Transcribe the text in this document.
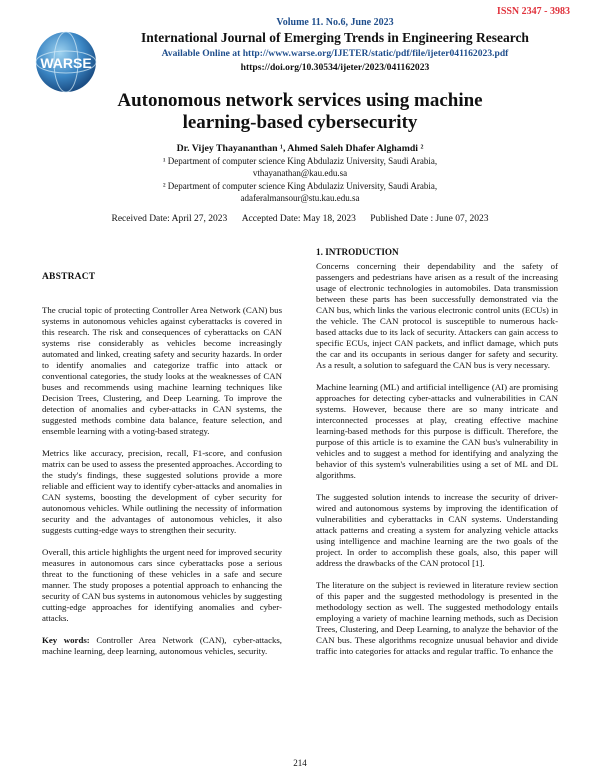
ISSN 2347 - 3983
WARSE
Volume 11. No.6, June 2023
International Journal of Emerging Trends in Engineering Research
Available Online at http://www.warse.org/IJETER/static/pdf/file/ijeter041162023.pdf
https://doi.org/10.30534/ijeter/2023/041162023
Autonomous network services using machine
learning-based cybersecurity
Dr. Vijey Thayananthan ¹, Ahmed Saleh Dhafer Alghamdi ²
¹ Department of computer science King Abdulaziz University, Saudi Arabia,
vthayanathan@kau.edu.sa
² Department of computer science King Abdulaziz University, Saudi Arabia,
adaferalmansour@stu.kau.edu.sa
Received Date: April 27, 2023 Accepted Date: May 18, 2023 Published Date : June 07, 2023
ABSTRACT

The crucial topic of protecting Controller Area Network (CAN) bus systems in autonomous vehicles against cyberattacks is covered in this research. The risk and consequences of cyberattacks on CAN systems rise considerably as vehicles become increasingly automated and linked, creating safety and security hazards. In order to identify anomalies and categorize traffic into attack or conventional categories, the study looks at the weaknesses of CAN buses and recommends using machine learning techniques like Decision Trees, Clustering, and Deep Learning. To improve the detection of anomalies and cyber-attacks in CAN systems, the suggested methods combine data balance, feature selection, and ensemble learning with a voting-based strategy.

Metrics like accuracy, precision, recall, F1-score, and confusion matrix can be used to assess the presented approaches. According to the study's findings, these suggested solutions provide a more reliable and efficient way to identify cyber-attacks and anomalies in CAN systems, boosting the development of cyber security for autonomous vehicles. While outlining the necessity of information security and the advantages of autonomous vehicles, it also suggests cutting-edge ways to strengthen their security.

Overall, this article highlights the urgent need for improved security measures in autonomous cars since cyberattacks pose a serious threat to the functioning of these vehicles in a safe and secure manner. The study proposes a potential approach to enhancing the security of CAN bus systems in autonomous vehicles by suggesting cutting-edge approaches for identifying anomalies and cyber-attacks.

Key words: Controller Area Network (CAN), cyber-attacks, machine learning, deep learning, autonomous vehicles, security.

1. INTRODUCTION

Concerns concerning their dependability and the safety of passengers and pedestrians have arisen as a result of the increasing usage of electronic technologies in automobiles. Data transmission between these parts has been successfully demonstrated via the CAN bus, which links the various electronic control units (ECUs) in the vehicle. The CAN protocol is susceptible to numerous hack-based attacks due to its lack of security. Attackers can gain access to specific ECUs, inject CAN packets, and inflict damage, which puts the car and its occupants in serious danger for safety and security. As a result, a solution to safeguard the CAN bus is very necessary.

Machine learning (ML) and artificial intelligence (AI) are promising approaches for detecting cyber-attacks and vulnerabilities in CAN systems. However, because there are so many intricate and interconnected processes at play, creating effective machine learning-based methods for this purpose is difficult. Therefore, the purpose of this article is to examine the CAN bus's vulnerability in vehicles and to suggest a method for identifying and analyzing the behavior of this system's vulnerabilities using a set of ML and DL algorithms.

The suggested solution intends to increase the security of driver-wired and autonomous systems by improving the identification of vulnerabilities and cyberattacks in CAN systems. Understanding attack patterns and creating a system for analyzing vehicle attacks using intelligence and machine learning are the two goals of the project. In order to accomplish these goals, also, this paper will address the drawbacks of the CAN protocol [1].

The literature on the subject is reviewed in literature review section of this paper and the suggested methodology is presented in the methodology section as well. The suggested methodology entails employing a variety of machine learning methods, such as Decision Trees, Clustering, and Deep Learning, to analyze the behavior of the CAN bus. These algorithms recognize unusual behavior and divide traffic into categories for attacks and regular traffic. To enhance the

214
